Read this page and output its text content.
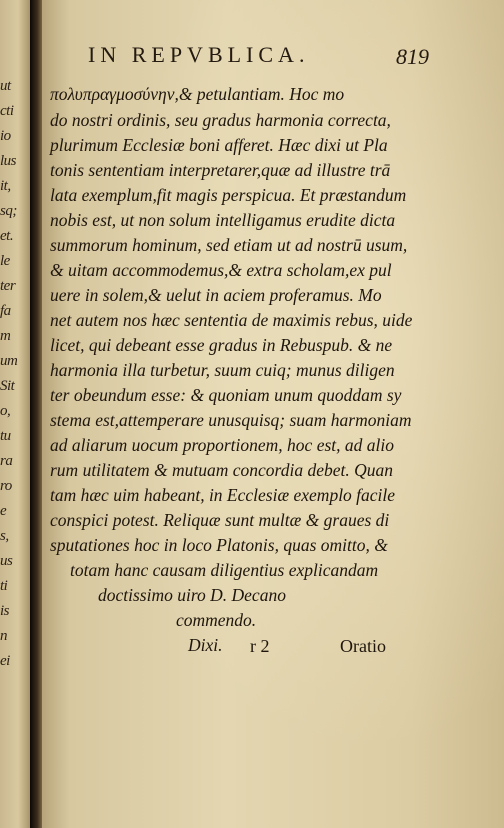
ut
cti
io
lus
it,
sq;
et.
le
ter
fa
m
um
Sit
o,
tu
ra
ro
e
s,
us
ti
is
n
ei
IN REPVBLICA.	819
πολυπραγμοσύνην,& petulantiam. Hoc mo
do nostri ordinis, seu gradus harmonia correcta,
plurimum Ecclesiæ boni afferet. Hæc dixi ut Pla
tonis sententiam interpretarer,quæ ad illustre trā
lata exemplum,fit magis perspicua. Et præstandum
nobis est, ut non solum intelligamus erudite dicta
summorum hominum, sed etiam ut ad nostrū usum,
& uitam accommodemus,& extra scholam,ex pul
uere in solem,& uelut in aciem proferamus. Mo
net autem nos hæc sententia de maximis rebus, uide
licet, qui debeant esse gradus in Rebuspub. & ne
harmonia illa turbetur, suum cuiq; munus diligen
ter obeundum esse: & quoniam unum quoddam sy
stema est,attemperare unusquisq; suam harmoniam
ad aliarum uocum proportionem, hoc est, ad alio
rum utilitatem & mutuam concordia debet. Quan
tam hæc uim habeant, in Ecclesiæ exemplo facile
conspici potest. Reliquæ sunt multæ & graues di
sputationes hoc in loco Platonis, quas omitto, &
totam hanc causam diligentius explicandam
doctissimo uiro D. Decano
commendo.
Dixi. r 2	Oratio
